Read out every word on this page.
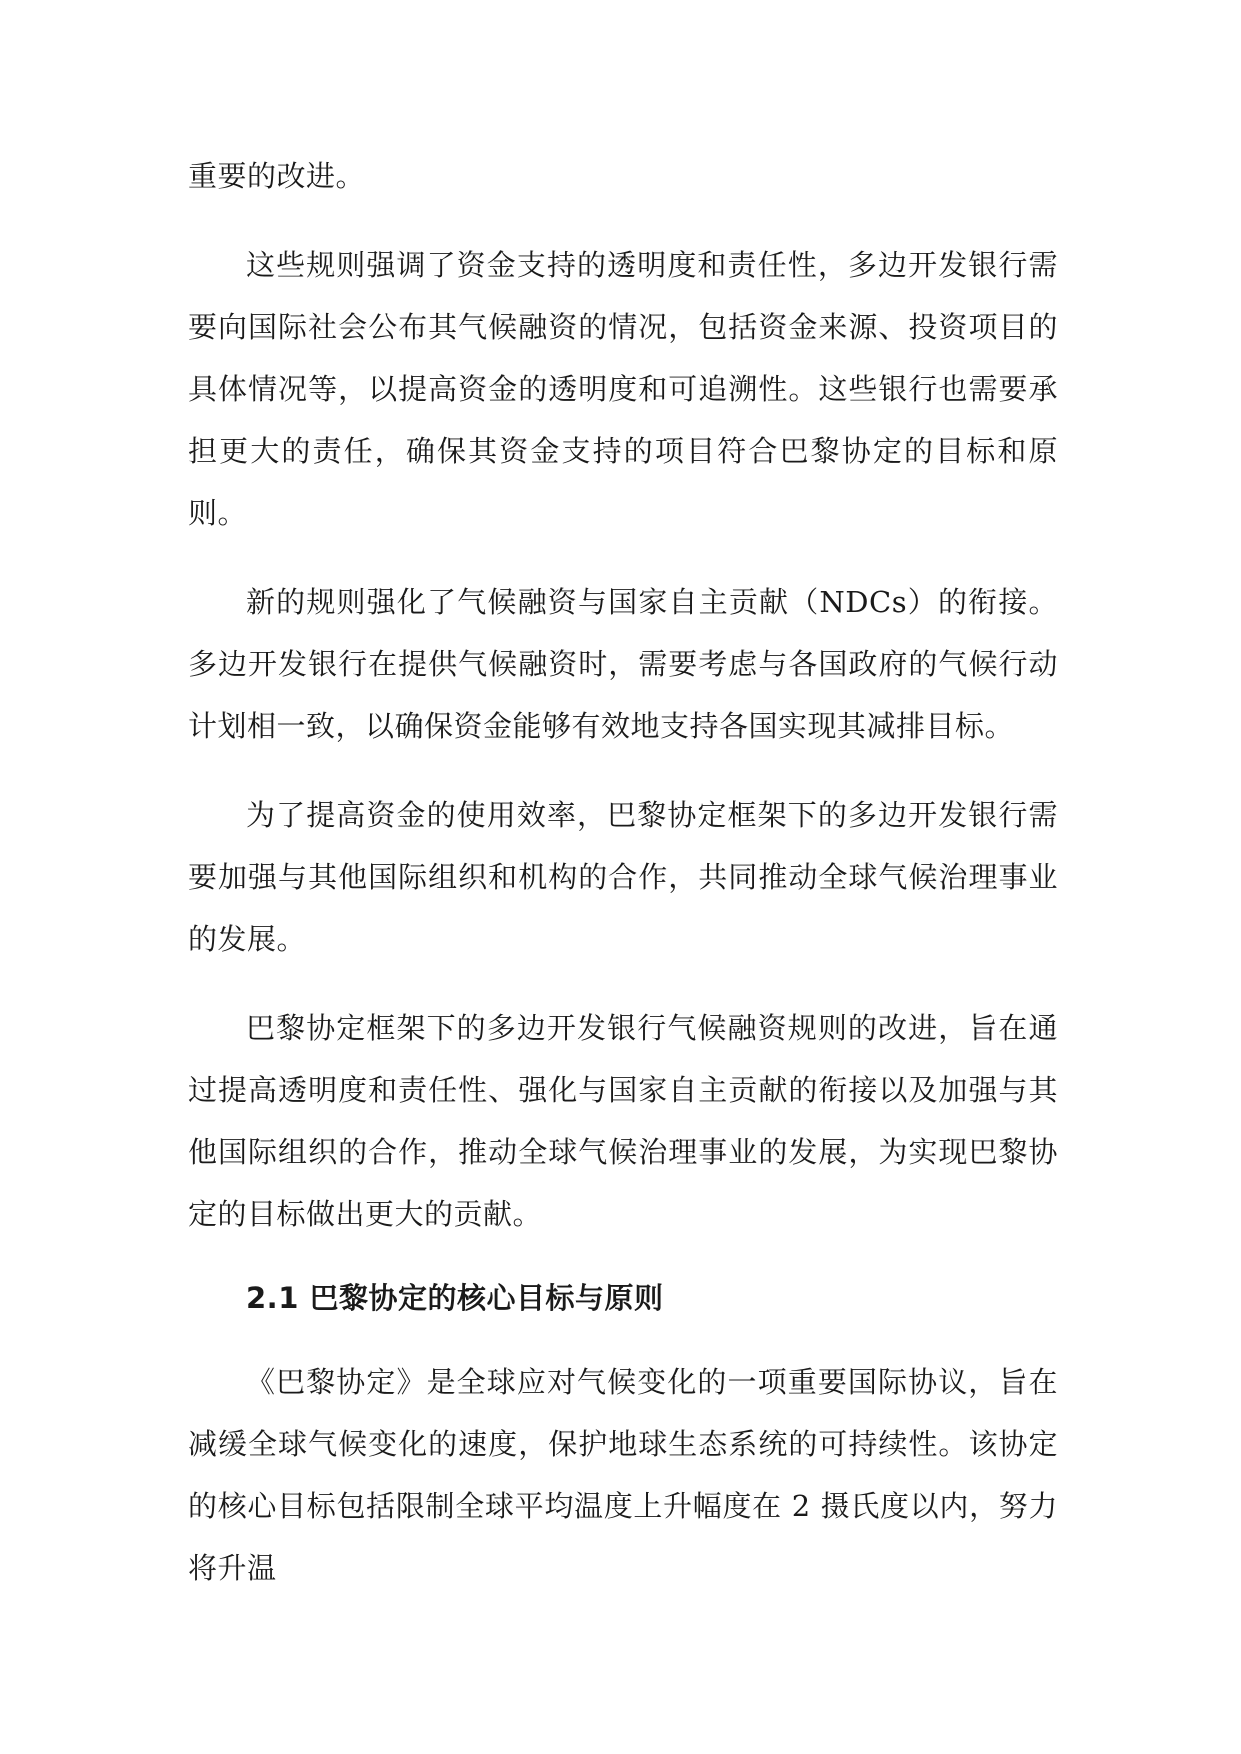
重要的改进。

这些规则强调了资金支持的透明度和责任性，多边开发银行需要向国际社会公布其气候融资的情况，包括资金来源、投资项目的具体情况等，以提高资金的透明度和可追溯性。这些银行也需要承担更大的责任，确保其资金支持的项目符合巴黎协定的目标和原则。

新的规则强化了气候融资与国家自主贡献（NDCs）的衔接。多边开发银行在提供气候融资时，需要考虑与各国政府的气候行动计划相一致，以确保资金能够有效地支持各国实现其减排目标。

为了提高资金的使用效率，巴黎协定框架下的多边开发银行需要加强与其他国际组织和机构的合作，共同推动全球气候治理事业的发展。

巴黎协定框架下的多边开发银行气候融资规则的改进，旨在通过提高透明度和责任性、强化与国家自主贡献的衔接以及加强与其他国际组织的合作，推动全球气候治理事业的发展，为实现巴黎协定的目标做出更大的贡献。

2.1 巴黎协定的核心目标与原则

《巴黎协定》是全球应对气候变化的一项重要国际协议，旨在减缓全球气候变化的速度，保护地球生态系统的可持续性。该协定的核心目标包括限制全球平均温度上升幅度在 2 摄氏度以内，努力将升温
